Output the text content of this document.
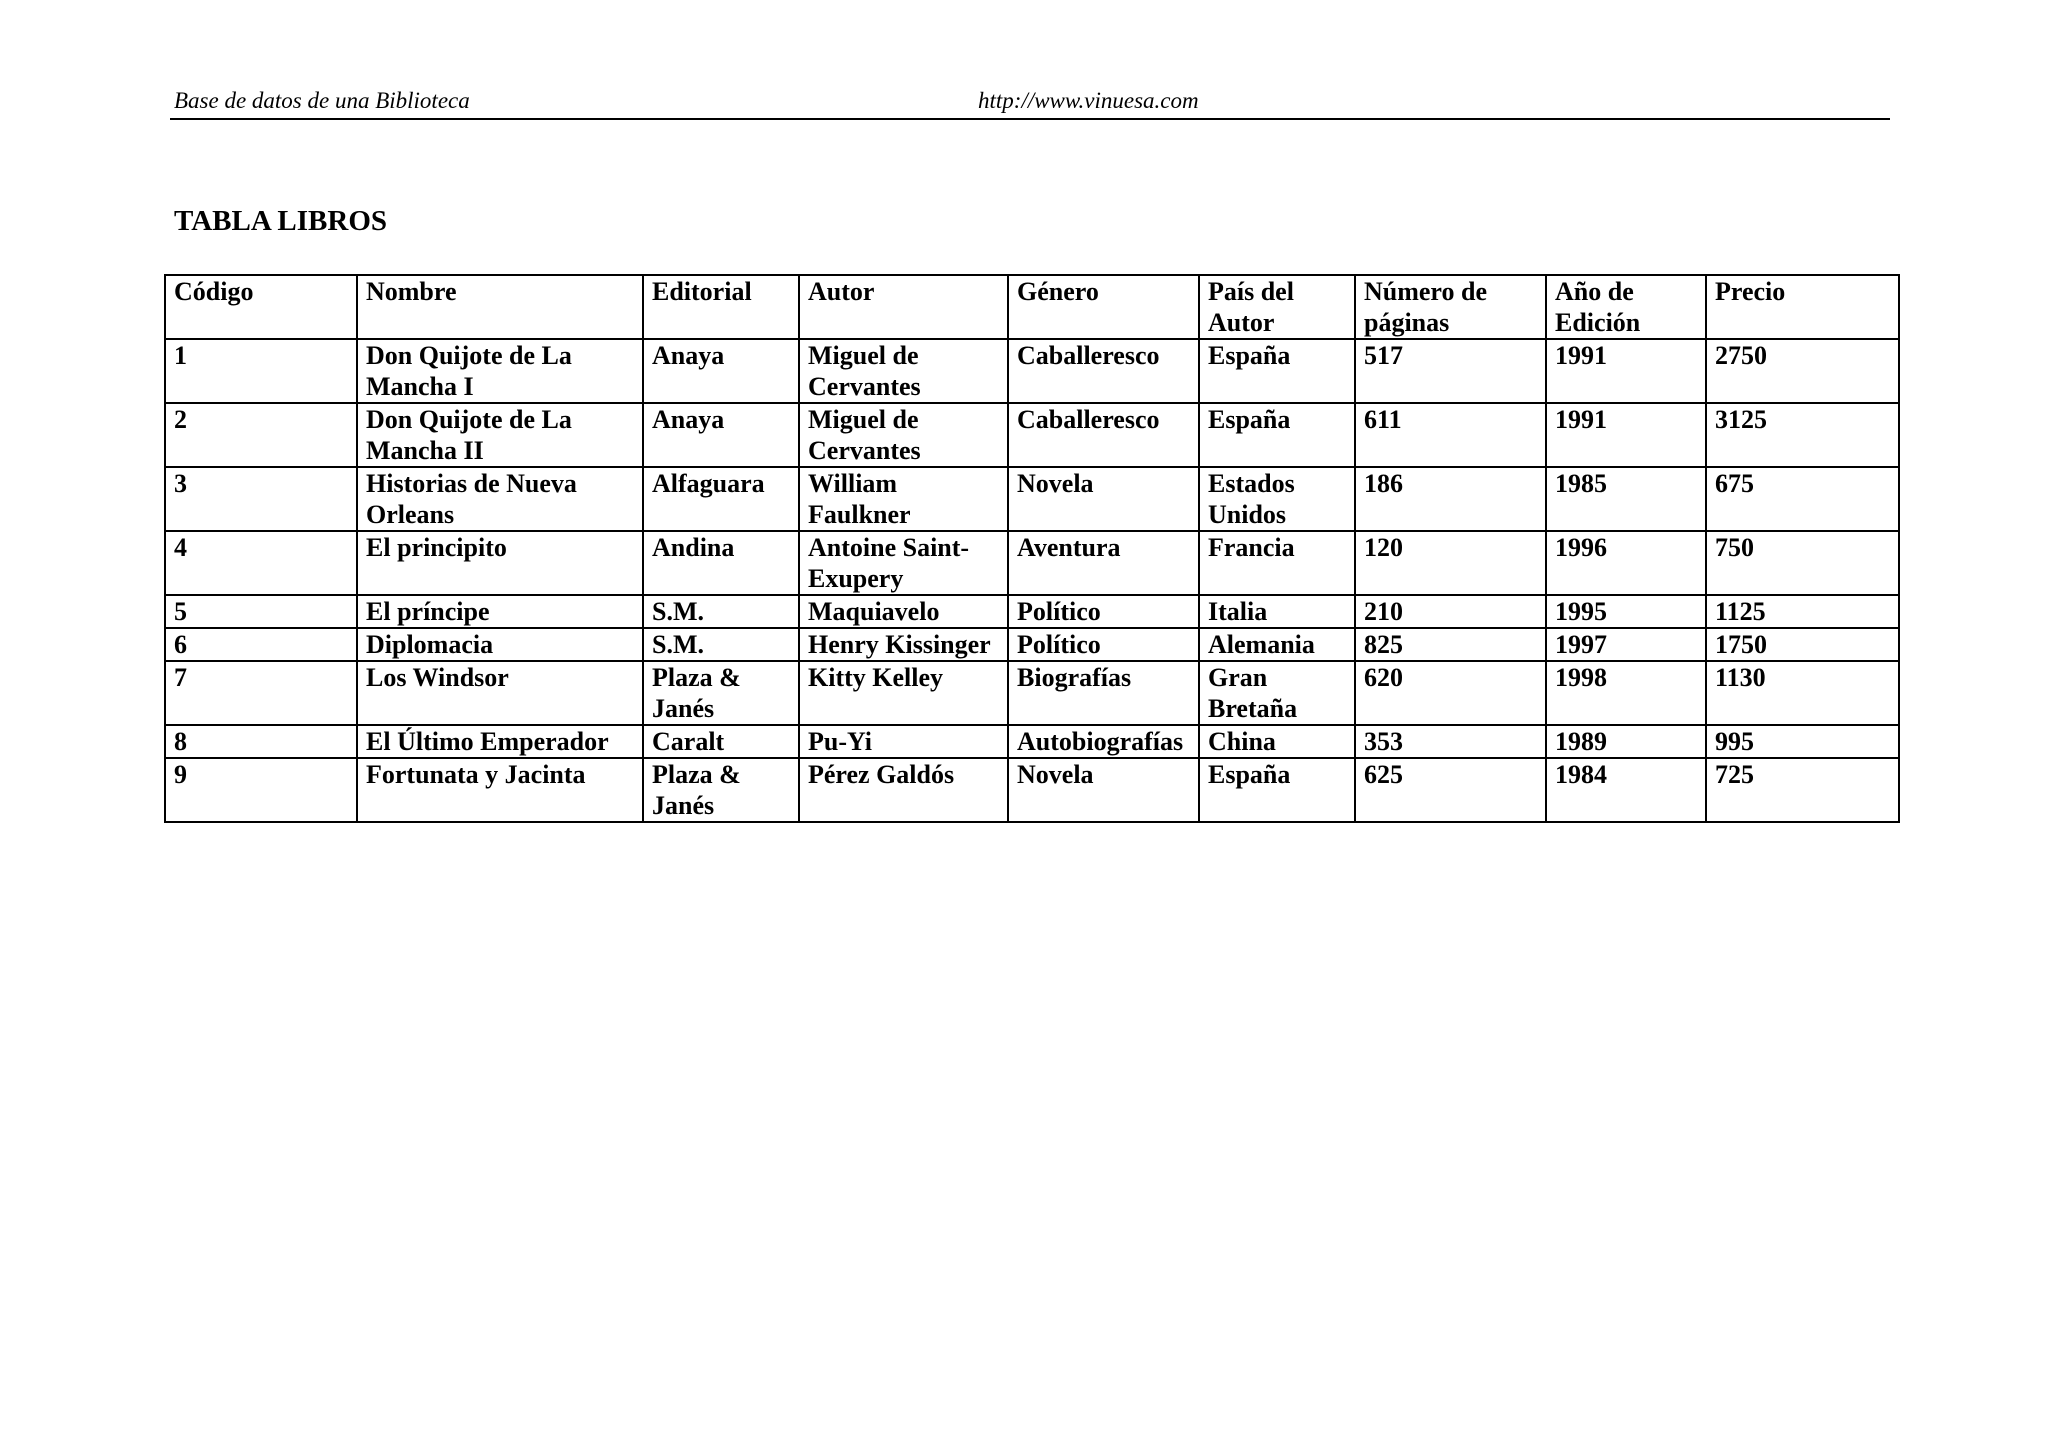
Base de datos de una Biblioteca	http://www.vinuesa.com
TABLA LIBROS
Código	Nombre	Editorial	Autor	Género	País del Autor	Número de páginas	Año de Edición	Precio
1	Don Quijote de La Mancha I	Anaya	Miguel de Cervantes	Caballeresco	España	517	1991	2750
2	Don Quijote de La Mancha II	Anaya	Miguel de Cervantes	Caballeresco	España	611	1991	3125
3	Historias de Nueva Orleans	Alfaguara	William Faulkner	Novela	Estados Unidos	186	1985	675
4	El principito	Andina	Antoine Saint-Exupery	Aventura	Francia	120	1996	750
5	El príncipe	S.M.	Maquiavelo	Político	Italia	210	1995	1125
6	Diplomacia	S.M.	Henry Kissinger	Político	Alemania	825	1997	1750
7	Los Windsor	Plaza & Janés	Kitty Kelley	Biografías	Gran Bretaña	620	1998	1130
8	El Último Emperador	Caralt	Pu-Yi	Autobiografías	China	353	1989	995
9	Fortunata y Jacinta	Plaza & Janés	Pérez Galdós	Novela	España	625	1984	725
